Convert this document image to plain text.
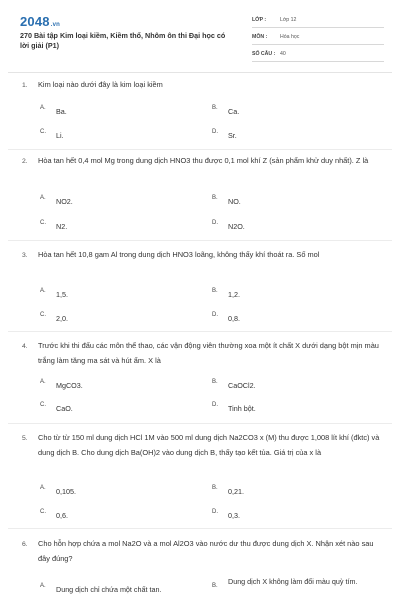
2048.vn
270 Bài tập Kim loại kiềm, Kiềm thổ, Nhôm ôn thi Đại học có lời giải (P1)
LỚP :	Lớp 12
MÔN :	Hóa học
SỐ CÂU : 40
1. Kim loại nào dưới đây là kim loại kiềm
A.	Ba.	B.	Ca.
C.	Li.	D.	Sr.
2. Hòa tan hết 0,4 mol Mg trong dung dịch HNO3 thu được 0,1 mol khí Z (sản phẩm khử duy nhất). Z là
A.	NO2.	B.	NO.
C.	N2.	D.	N2O.
3. Hòa tan hết 10,8 gam Al trong dung dịch HNO3 loãng, không thấy khí thoát ra. Số mol
A.	1,5.	B.	1,2.
C.	2,0.	D.	0,8.
4. Trước khi thi đấu các môn thể thao, các vận động viên thường xoa một ít chất X dưới dạng bột mịn màu trắng làm tăng ma sát và hút ẩm. X là
A.	MgCO3.	B.	CaOCl2.
C.	CaO.	D.	Tinh bột.
5. Cho từ từ 150 ml dung dịch HCl 1M vào 500 ml dung dịch Na2CO3 x (M) thu được 1,008 lít khí (đktc) và dung dịch B. Cho dung dịch Ba(OH)2 vào dung dịch B, thấy tạo kết tủa. Giá trị của x là
A.	0,105.	B.	0,21.
C.	0,6.	D.	0,3.
6. Cho hỗn hợp chứa a mol Na2O và a mol Al2O3 vào nước dư thu được dung dịch X. Nhận xét nào sau đây đúng?
A.	Dung dịch chỉ chứa một chất tan.	B.	Dung dịch X không làm đổi màu quỳ tím.
